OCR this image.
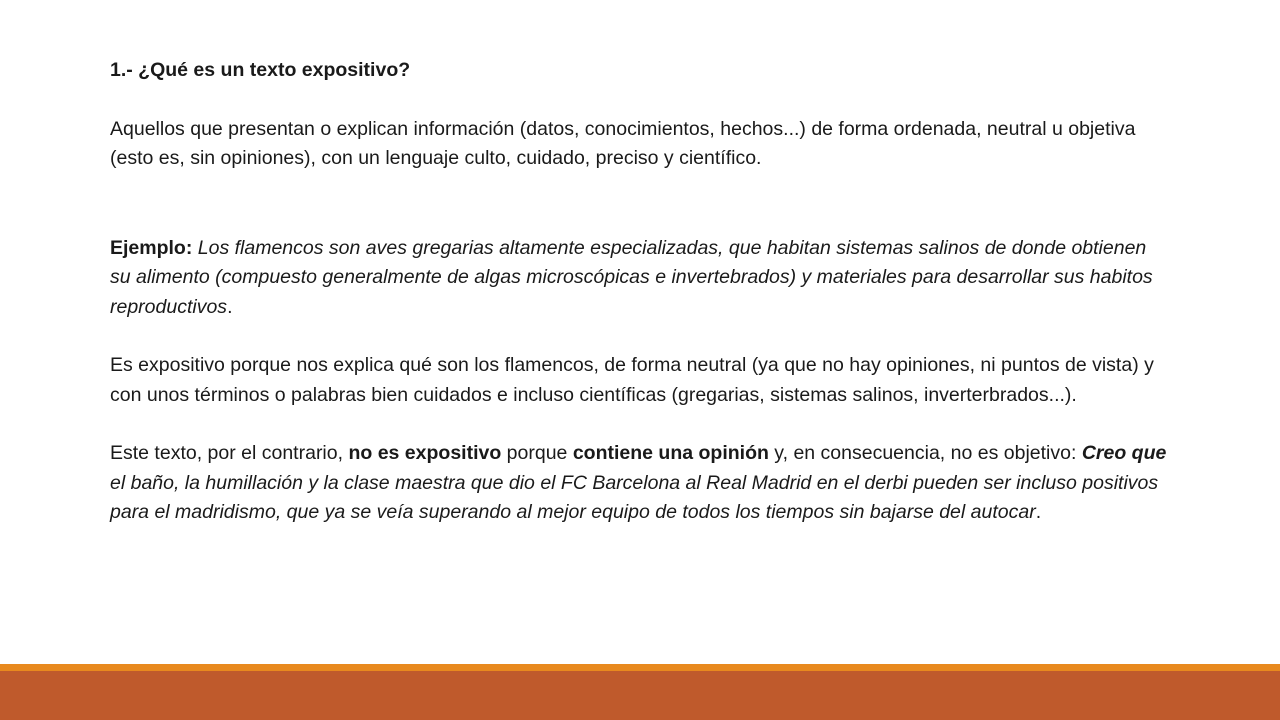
1.- ¿Qué es un texto expositivo?

Aquellos que presentan o explican información (datos, conocimientos, hechos...) de forma ordenada, neutral u objetiva (esto es, sin opiniones), con un lenguaje culto, cuidado, preciso y científico.

Ejemplo: Los flamencos son aves gregarias altamente especializadas, que habitan sistemas salinos de donde obtienen su alimento (compuesto generalmente de algas microscópicas e invertebrados) y materiales para desarrollar sus habitos reproductivos.

Es expositivo porque nos explica qué son los flamencos, de forma neutral (ya que no hay opiniones, ni puntos de vista) y con unos términos o palabras bien cuidados e incluso científicas (gregarias, sistemas salinos, inverterbrados...).

Este texto, por el contrario, no es expositivo porque contiene una opinión y, en consecuencia, no es objetivo: Creo que el baño, la humillación y la clase maestra que dio el FC Barcelona al Real Madrid en el derbi pueden ser incluso positivos para el madridismo, que ya se veía superando al mejor equipo de todos los tiempos sin bajarse del autocar.
